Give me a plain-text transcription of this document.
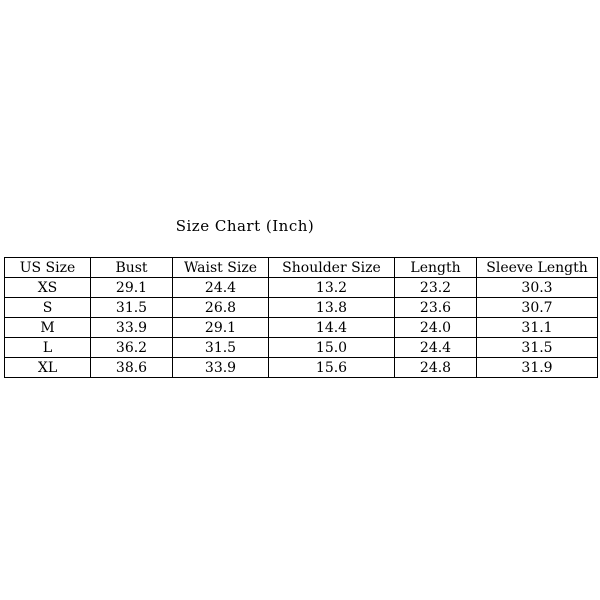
Size Chart (Inch)
US Size	Bust	Waist Size	Shoulder Size	Length	Sleeve Length
XS	29.1	24.4	13.2	23.2	30.3
S	31.5	26.8	13.8	23.6	30.7
M	33.9	29.1	14.4	24.0	31.1
L	36.2	31.5	15.0	24.4	31.5
XL	38.6	33.9	15.6	24.8	31.9
